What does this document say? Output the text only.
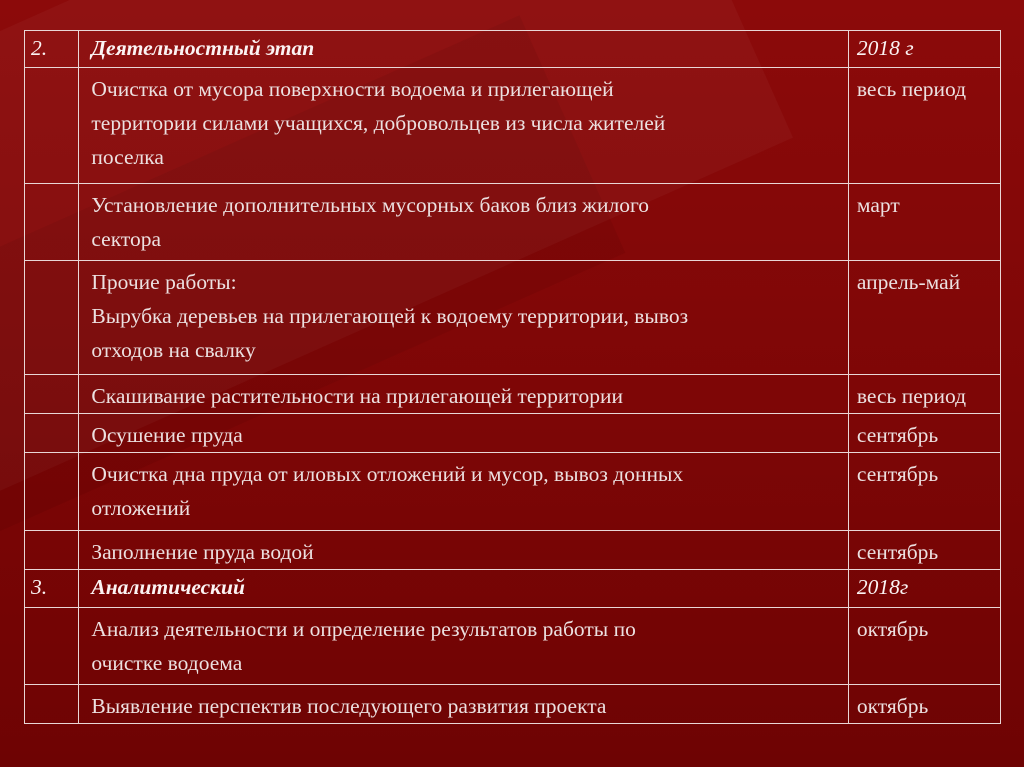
2.	Деятельностный этап	2018 г

	Очистка от мусора поверхности водоема и прилегающей
территории силами учащихся, добровольцев из числа жителей
поселка	весь период

	Установление дополнительных мусорных баков близ жилого
сектора	март

	Прочие работы:
Вырубка деревьев на прилегающей к водоему территории, вывоз
отходов на свалку	апрель-май

	Скашивание растительности на прилегающей территории	весь период

	Осушение пруда	сентябрь

	Очистка дна пруда от иловых отложений и мусор, вывоз донных
отложений	сентябрь

	Заполнение пруда водой	сентябрь

3.	Аналитический	2018г

	Анализ деятельности и определение результатов работы по
очистке водоема	октябрь

	Выявление перспектив последующего развития проекта	октябрь
